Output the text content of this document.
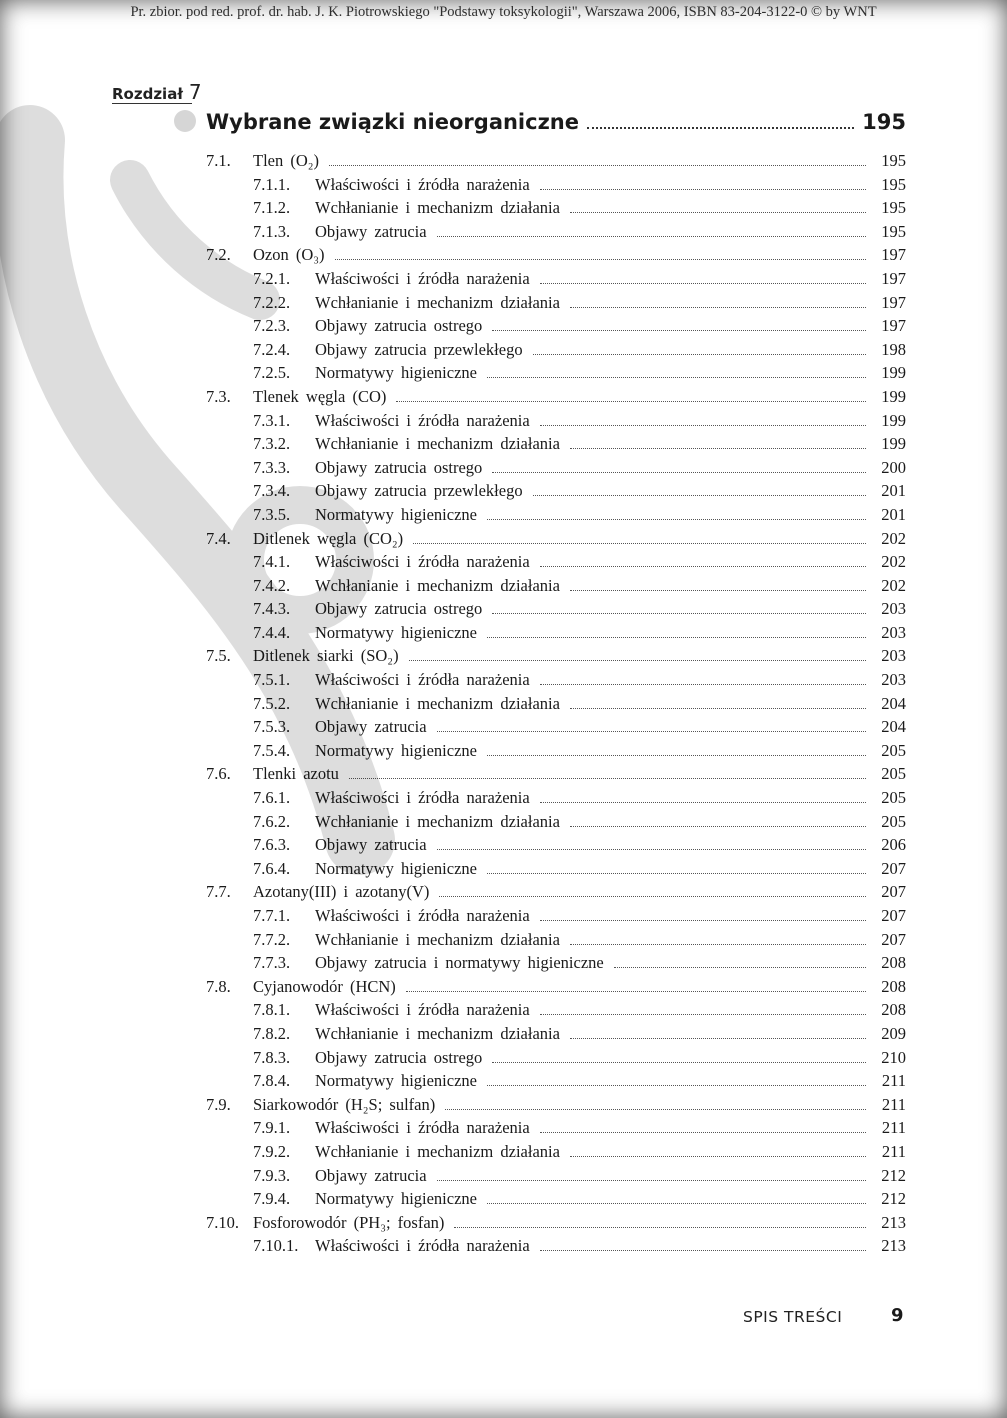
Pr. zbior. pod red. prof. dr. hab. J. K. Piotrowskiego "Podstawy toksykologii", Warszawa 2006, ISBN 83-204-3122-0 © by WNT
Rozdział 7
Wybrane związki nieorganiczne	195
7.1.	Tlen (O₂)	195
7.1.1.	Właściwości i źródła narażenia	195
7.1.2.	Wchłanianie i mechanizm działania	195
7.1.3.	Objawy zatrucia	195
7.2.	Ozon (O₃)	197
7.2.1.	Właściwości i źródła narażenia	197
7.2.2.	Wchłanianie i mechanizm działania	197
7.2.3.	Objawy zatrucia ostrego	197
7.2.4.	Objawy zatrucia przewlekłego	198
7.2.5.	Normatywy higieniczne	199
7.3.	Tlenek węgla (CO)	199
7.3.1.	Właściwości i źródła narażenia	199
7.3.2.	Wchłanianie i mechanizm działania	199
7.3.3.	Objawy zatrucia ostrego	200
7.3.4.	Objawy zatrucia przewlekłego	201
7.3.5.	Normatywy higieniczne	201
7.4.	Ditlenek węgla (CO₂)	202
7.4.1.	Właściwości i źródła narażenia	202
7.4.2.	Wchłanianie i mechanizm działania	202
7.4.3.	Objawy zatrucia ostrego	203
7.4.4.	Normatywy higieniczne	203
7.5.	Ditlenek siarki (SO₂)	203
7.5.1.	Właściwości i źródła narażenia	203
7.5.2.	Wchłanianie i mechanizm działania	204
7.5.3.	Objawy zatrucia	204
7.5.4.	Normatywy higieniczne	205
7.6.	Tlenki azotu	205
7.6.1.	Właściwości i źródła narażenia	205
7.6.2.	Wchłanianie i mechanizm działania	205
7.6.3.	Objawy zatrucia	206
7.6.4.	Normatywy higieniczne	207
7.7.	Azotany(III) i azotany(V)	207
7.7.1.	Właściwości i źródła narażenia	207
7.7.2.	Wchłanianie i mechanizm działania	207
7.7.3.	Objawy zatrucia i normatywy higieniczne	208
7.8.	Cyjanowodór (HCN)	208
7.8.1.	Właściwości i źródła narażenia	208
7.8.2.	Wchłanianie i mechanizm działania	209
7.8.3.	Objawy zatrucia ostrego	210
7.8.4.	Normatywy higieniczne	211
7.9.	Siarkowodór (H₂S; sulfan)	211
7.9.1.	Właściwości i źródła narażenia	211
7.9.2.	Wchłanianie i mechanizm działania	211
7.9.3.	Objawy zatrucia	212
7.9.4.	Normatywy higieniczne	212
7.10. Fosforowodór (PH₃; fosfan)	213
7.10.1.	Właściwości i źródła narażenia	213
SPIS TREŚCI	9
